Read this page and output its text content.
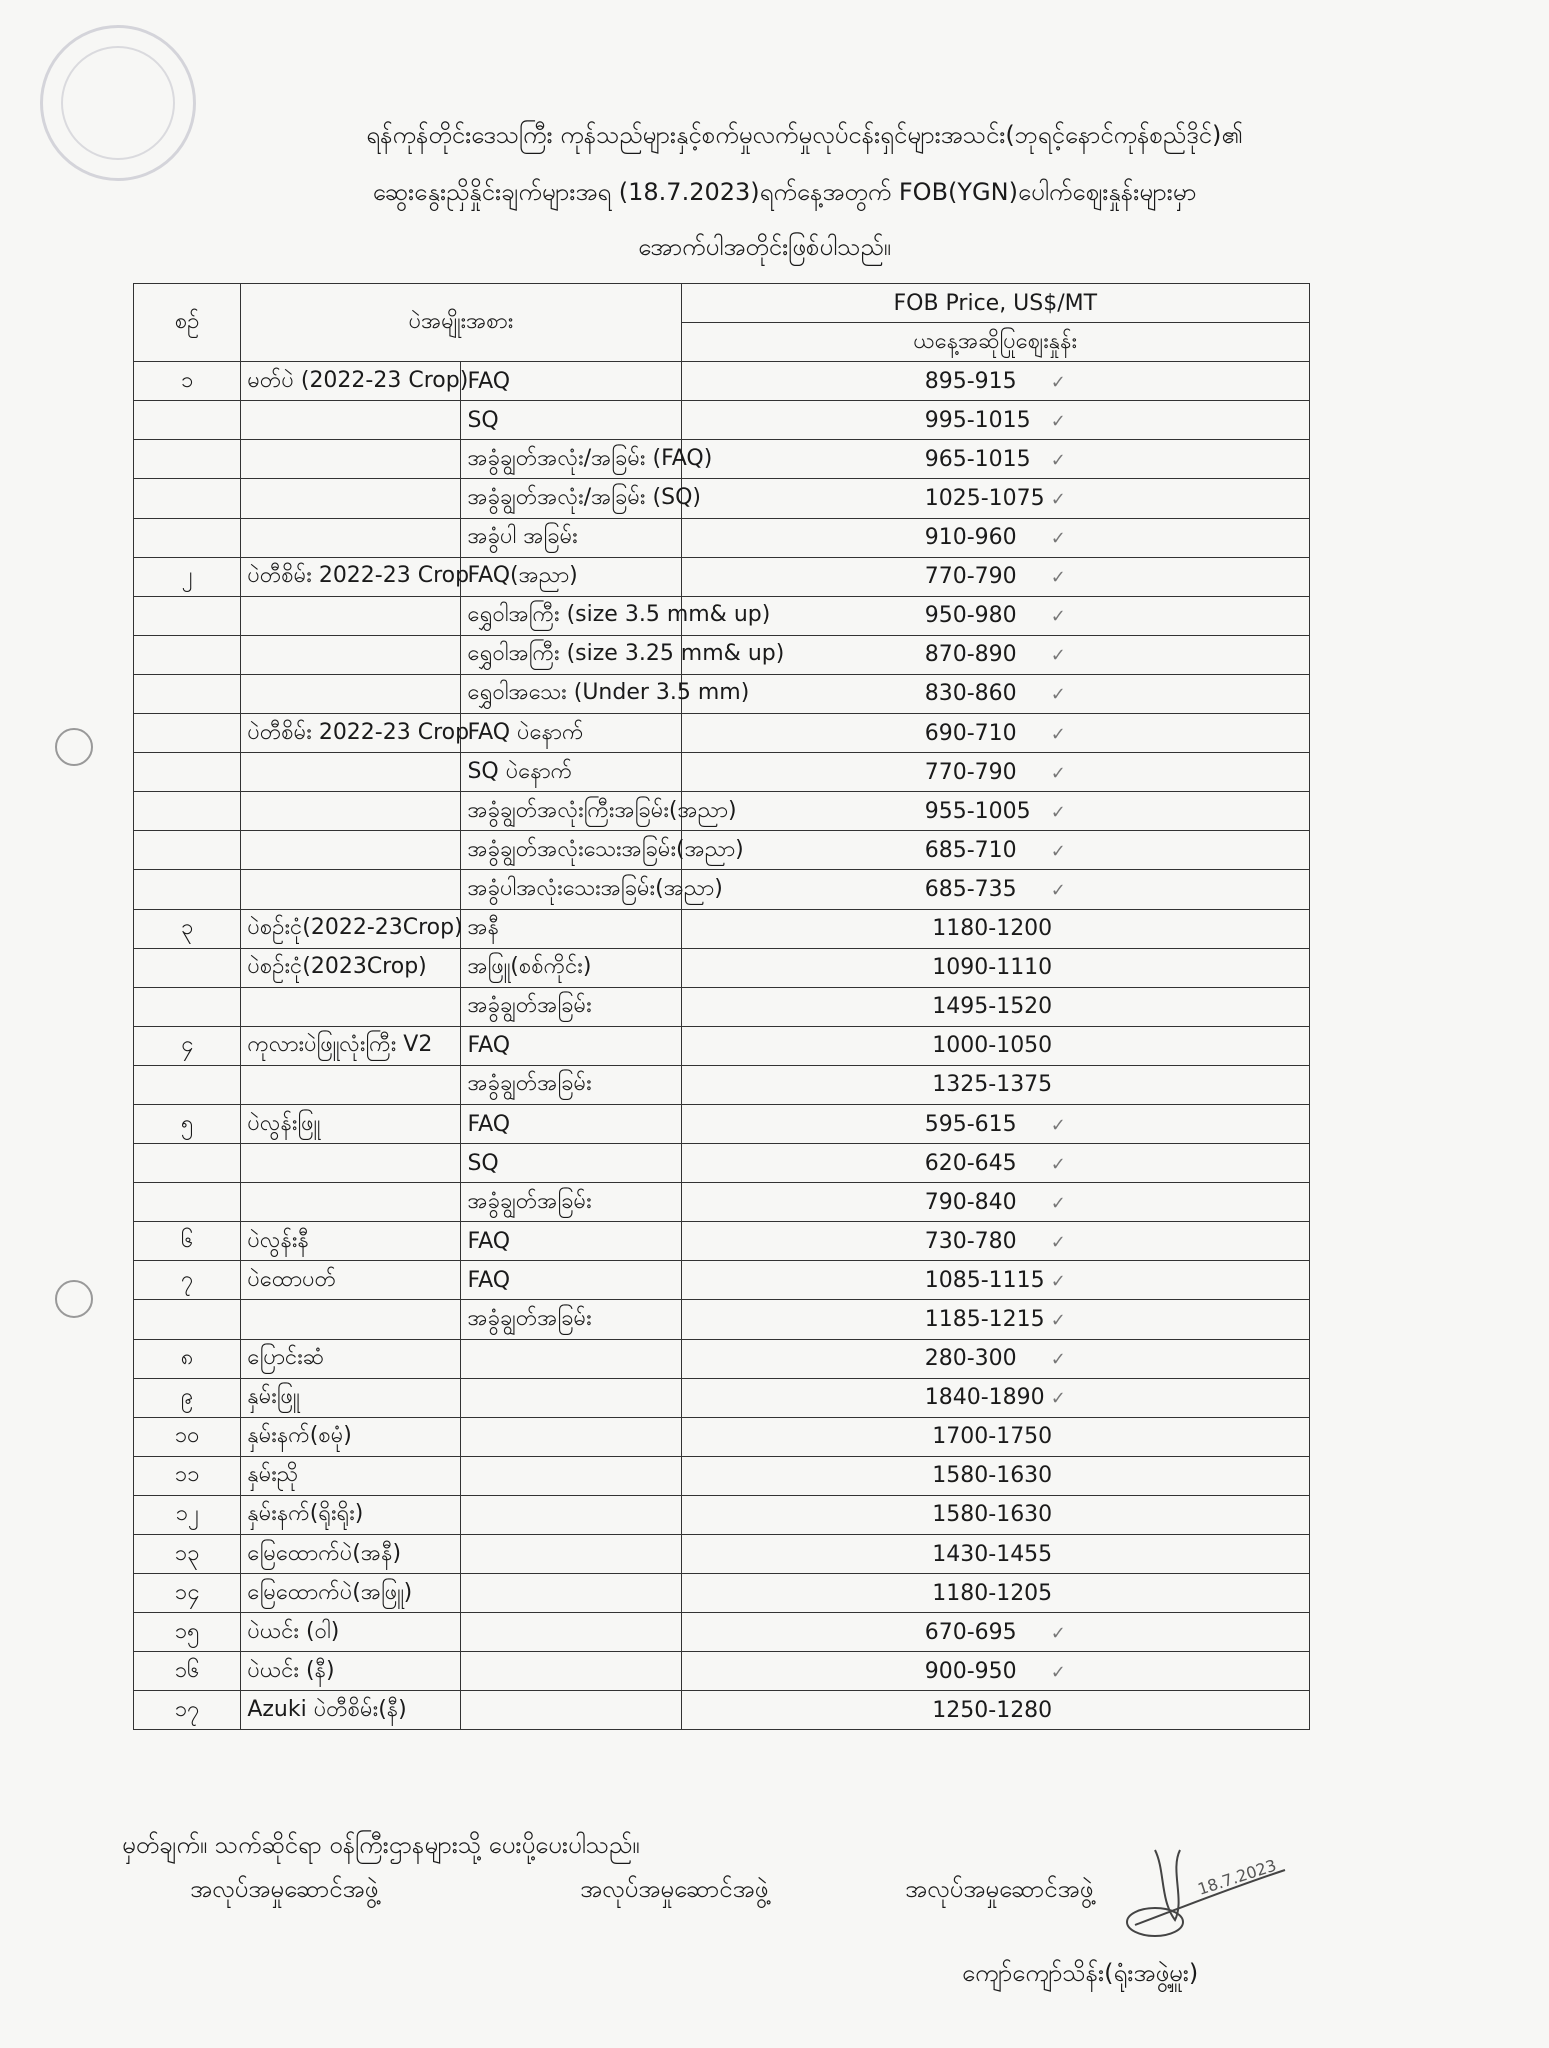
ရန်ကုန်တိုင်းဒေသကြီး ကုန်သည်များနှင့်စက်မှုလက်မှုလုပ်ငန်းရှင်များအသင်း(ဘုရင့်နောင်ကုန်စည်ဒိုင်)၏
ဆွေးနွေးညှိနှိုင်းချက်များအရ (18.7.2023)ရက်နေ့အတွက် FOB(YGN)ပေါက်ဈေးနှုန်းများမှာ
အောက်ပါအတိုင်းဖြစ်ပါသည်။
စဉ်	ပဲအမျိုးအစား		FOB Price, US$/MT
			ယနေ့အဆိုပြုဈေးနှုန်း
၁	မတ်ပဲ (2022-23 Crop)	FAQ	895-915 ✓
		SQ	995-1015 ✓
		အခွံချွတ်အလုံး/အခြမ်း (FAQ)	965-1015 ✓
		အခွံချွတ်အလုံး/အခြမ်း (SQ)	1025-1075 ✓
		အခွံပါ အခြမ်း	910-960 ✓
၂	ပဲတီစိမ်း 2022-23 Crop	FAQ(အညာ)	770-790 ✓
		ရွှေဝါအကြီး (size 3.5 mm& up)	950-980 ✓
		ရွှေဝါအကြီး (size 3.25 mm& up)	870-890 ✓
		ရွှေဝါအသေး (Under 3.5 mm)	830-860 ✓
	ပဲတီစိမ်း 2022-23 Crop	FAQ ပဲနောက်	690-710 ✓
		SQ ပဲနောက်	770-790 ✓
		အခွံချွတ်အလုံးကြီးအခြမ်း(အညာ)	955-1005 ✓
		အခွံချွတ်အလုံးသေးအခြမ်း(အညာ)	685-710 ✓
		အခွံပါအလုံးသေးအခြမ်း(အညာ)	685-735 ✓
၃	ပဲစဉ်းငုံ(2022-23Crop)	အနီ	1180-1200
	ပဲစဉ်းငုံ(2023Crop)	အဖြူ(စစ်ကိုင်း)	1090-1110
		အခွံချွတ်အခြမ်း	1495-1520
၄	ကုလားပဲဖြူလုံးကြီး V2	FAQ	1000-1050
		အခွံချွတ်အခြမ်း	1325-1375
၅	ပဲလွန်းဖြူ	FAQ	595-615 ✓
		SQ	620-645 ✓
		အခွံချွတ်အခြမ်း	790-840 ✓
၆	ပဲလွန်းနီ	FAQ	730-780 ✓
၇	ပဲထောပတ်	FAQ	1085-1115 ✓
		အခွံချွတ်အခြမ်း	1185-1215 ✓
၈	ပြောင်းဆံ		280-300 ✓
၉	နှမ်းဖြူ		1840-1890 ✓
၁၀	နှမ်းနက်(စမုံ)		1700-1750
၁၁	နှမ်းညို		1580-1630
၁၂	နှမ်းနက်(ရိုးရိုး)		1580-1630
၁၃	မြေထောက်ပဲ(အနီ)		1430-1455
၁၄	မြေထောက်ပဲ(အဖြူ)		1180-1205
၁၅	ပဲယင်း (ဝါ)		670-695 ✓
၁၆	ပဲယင်း (နီ)		900-950 ✓
၁၇	Azuki ပဲတီစိမ်း(နီ)		1250-1280
မှတ်ချက်။ သက်ဆိုင်ရာ ဝန်ကြီးဌာနများသို့ ပေးပို့ပေးပါသည်။
အလုပ်အမှုဆောင်အဖွဲ့	အလုပ်အမှုဆောင်အဖွဲ့	အလုပ်အမှုဆောင်အဖွဲ့	18.7.2023
ကျော်ကျော်သိန်း(ရုံးအဖွဲ့မှူး)
